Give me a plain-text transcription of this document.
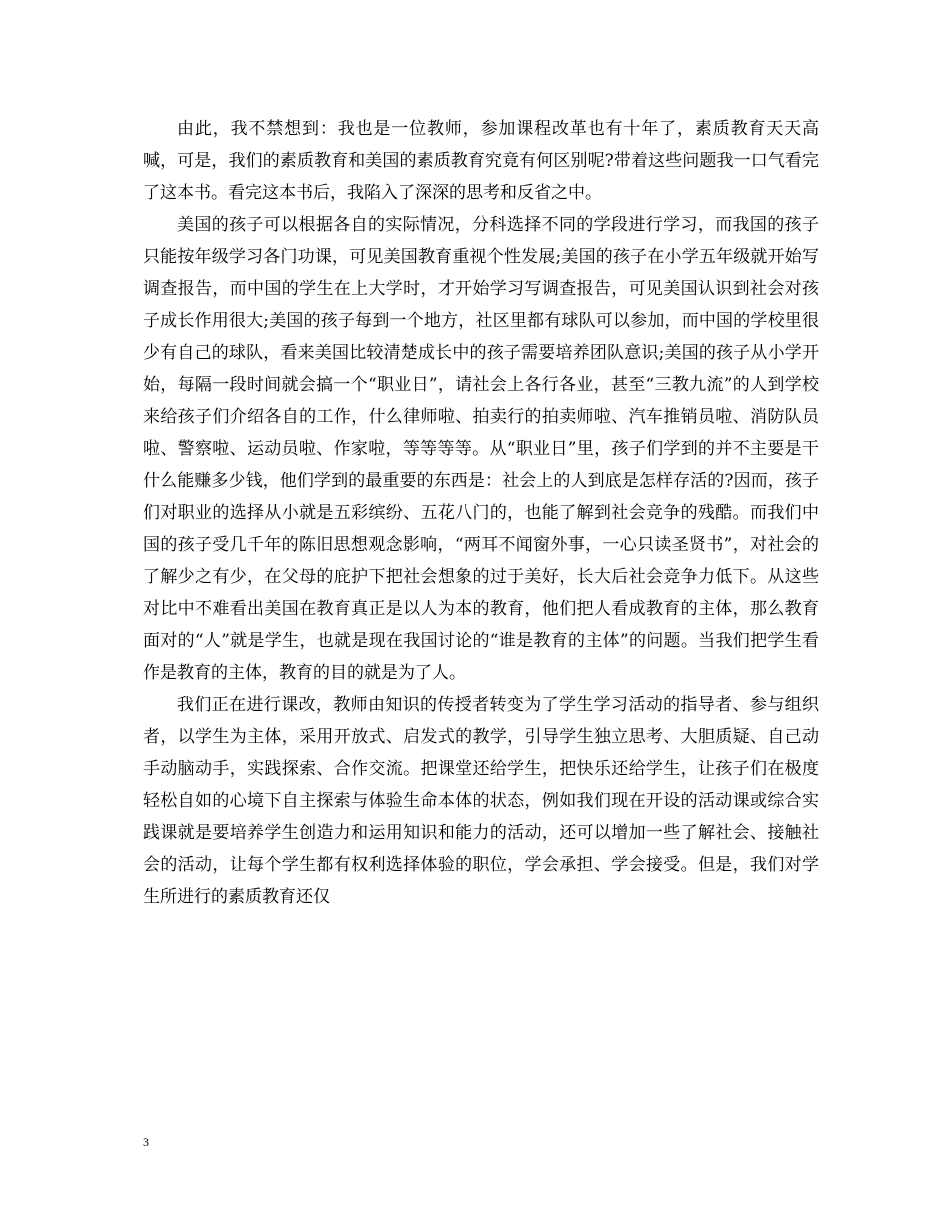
由此，我不禁想到：我也是一位教师，参加课程改革也有十年了，素质教育天天高喊，可是，我们的素质教育和美国的素质教育究竟有何区别呢?带着这些问题我一口气看完了这本书。看完这本书后，我陷入了深深的思考和反省之中。

美国的孩子可以根据各自的实际情况，分科选择不同的学段进行学习，而我国的孩子只能按年级学习各门功课，可见美国教育重视个性发展;美国的孩子在小学五年级就开始写调查报告，而中国的学生在上大学时，才开始学习写调查报告，可见美国认识到社会对孩子成长作用很大;美国的孩子每到一个地方，社区里都有球队可以参加，而中国的学校里很少有自己的球队，看来美国比较清楚成长中的孩子需要培养团队意识;美国的孩子从小学开始，每隔一段时间就会搞一个“职业日”，请社会上各行各业，甚至“三教九流”的人到学校来给孩子们介绍各自的工作，什么律师啦、拍卖行的拍卖师啦、汽车推销员啦、消防队员啦、警察啦、运动员啦、作家啦，等等等等。从“职业日”里，孩子们学到的并不主要是干什么能赚多少钱，他们学到的最重要的东西是：社会上的人到底是怎样存活的?因而，孩子们对职业的选择从小就是五彩缤纷、五花八门的，也能了解到社会竞争的残酷。而我们中国的孩子受几千年的陈旧思想观念影响，“两耳不闻窗外事，一心只读圣贤书”，对社会的了解少之有少，在父母的庇护下把社会想象的过于美好，长大后社会竞争力低下。从这些对比中不难看出美国在教育真正是以人为本的教育，他们把人看成教育的主体，那么教育面对的“人”就是学生，也就是现在我国讨论的“谁是教育的主体”的问题。当我们把学生看作是教育的主体，教育的目的就是为了人。

我们正在进行课改，教师由知识的传授者转变为了学生学习活动的指导者、参与组织者，以学生为主体，采用开放式、启发式的教学，引导学生独立思考、大胆质疑、自己动手动脑动手，实践探索、合作交流。把课堂还给学生，把快乐还给学生，让孩子们在极度轻松自如的心境下自主探索与体验生命本体的状态，例如我们现在开设的活动课或综合实践课就是要培养学生创造力和运用知识和能力的活动，还可以增加一些了解社会、接触社会的活动，让每个学生都有权利选择体验的职位，学会承担、学会接受。但是，我们对学生所进行的素质教育还仅

3
